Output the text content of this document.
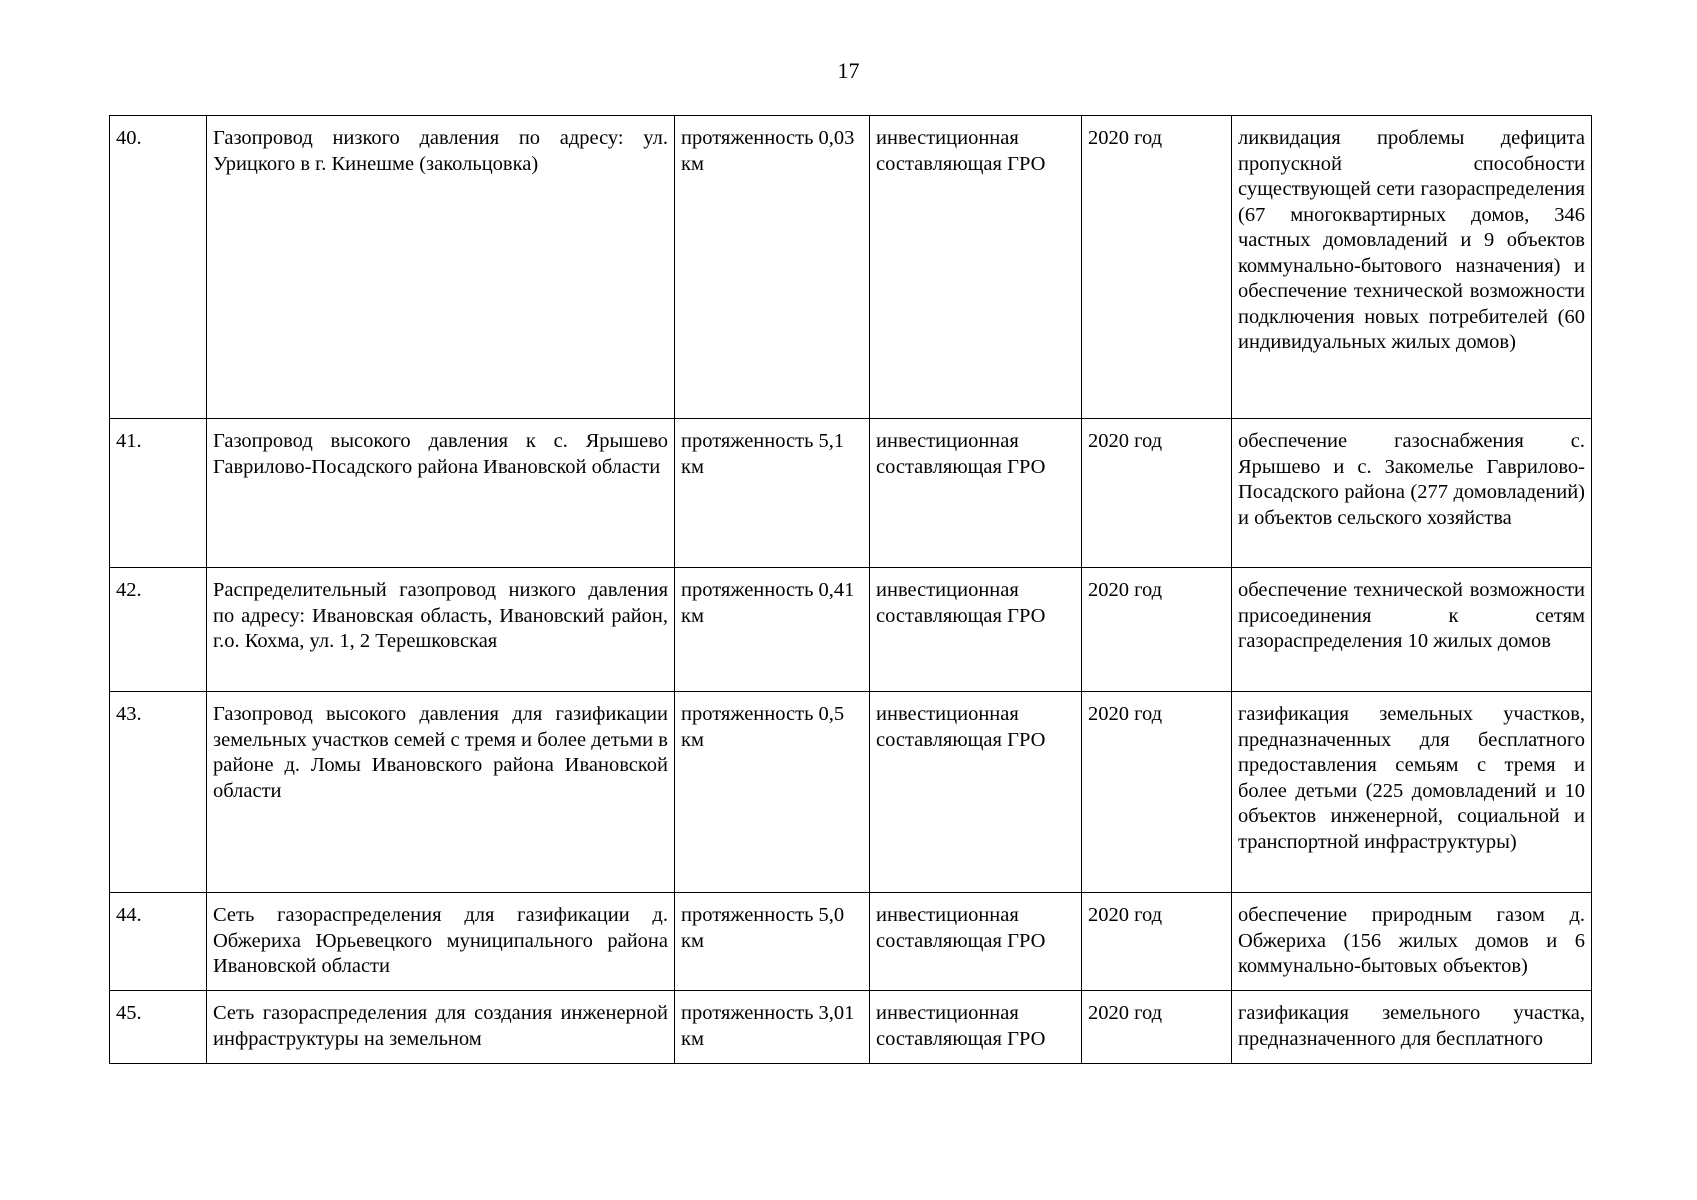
17
40.	Газопровод низкого давления по адресу: ул. Урицкого в г. Кинешме (закольцовка)	протяженность 0,03 км	инвестиционная составляющая ГРО	2020 год	ликвидация проблемы дефицита пропускной способности существующей сети газораспределения (67 многоквартирных домов, 346 частных домовладений и 9 объектов коммунально-бытового назначения) и обеспечение технической возможности подключения новых потребителей (60 индивидуальных жилых домов)
41.	Газопровод высокого давления к с. Ярышево Гаврилово-Посадского района Ивановской области	протяженность 5,1 км	инвестиционная составляющая ГРО	2020 год	обеспечение газоснабжения с. Ярышево и с. Закомелье Гаврилово-Посадского района (277 домовладений) и объектов сельского хозяйства
42.	Распределительный газопровод низкого давления по адресу: Ивановская область, Ивановский район, г.о. Кохма, ул. 1, 2 Терешковская	протяженность 0,41 км	инвестиционная составляющая ГРО	2020 год	обеспечение технической возможности присоединения к сетям газораспределения 10 жилых домов
43.	Газопровод высокого давления для газификации земельных участков семей с тремя и более детьми в районе д. Ломы Ивановского района Ивановской области	протяженность 0,5 км	инвестиционная составляющая ГРО	2020 год	газификация земельных участков, предназначенных для бесплатного предоставления семьям с тремя и более детьми (225 домовладений и 10 объектов инженерной, социальной и транспортной инфраструктуры)
44.	Сеть газораспределения для газификации д. Обжериха Юрьевецкого муниципального района Ивановской области	протяженность 5,0 км	инвестиционная составляющая ГРО	2020 год	обеспечение природным газом д. Обжериха (156 жилых домов и 6 коммунально-бытовых объектов)
45.	Сеть газораспределения для создания инженерной инфраструктуры на земельном	протяженность 3,01 км	инвестиционная составляющая ГРО	2020 год	газификация земельного участка, предназначенного для бесплатного
